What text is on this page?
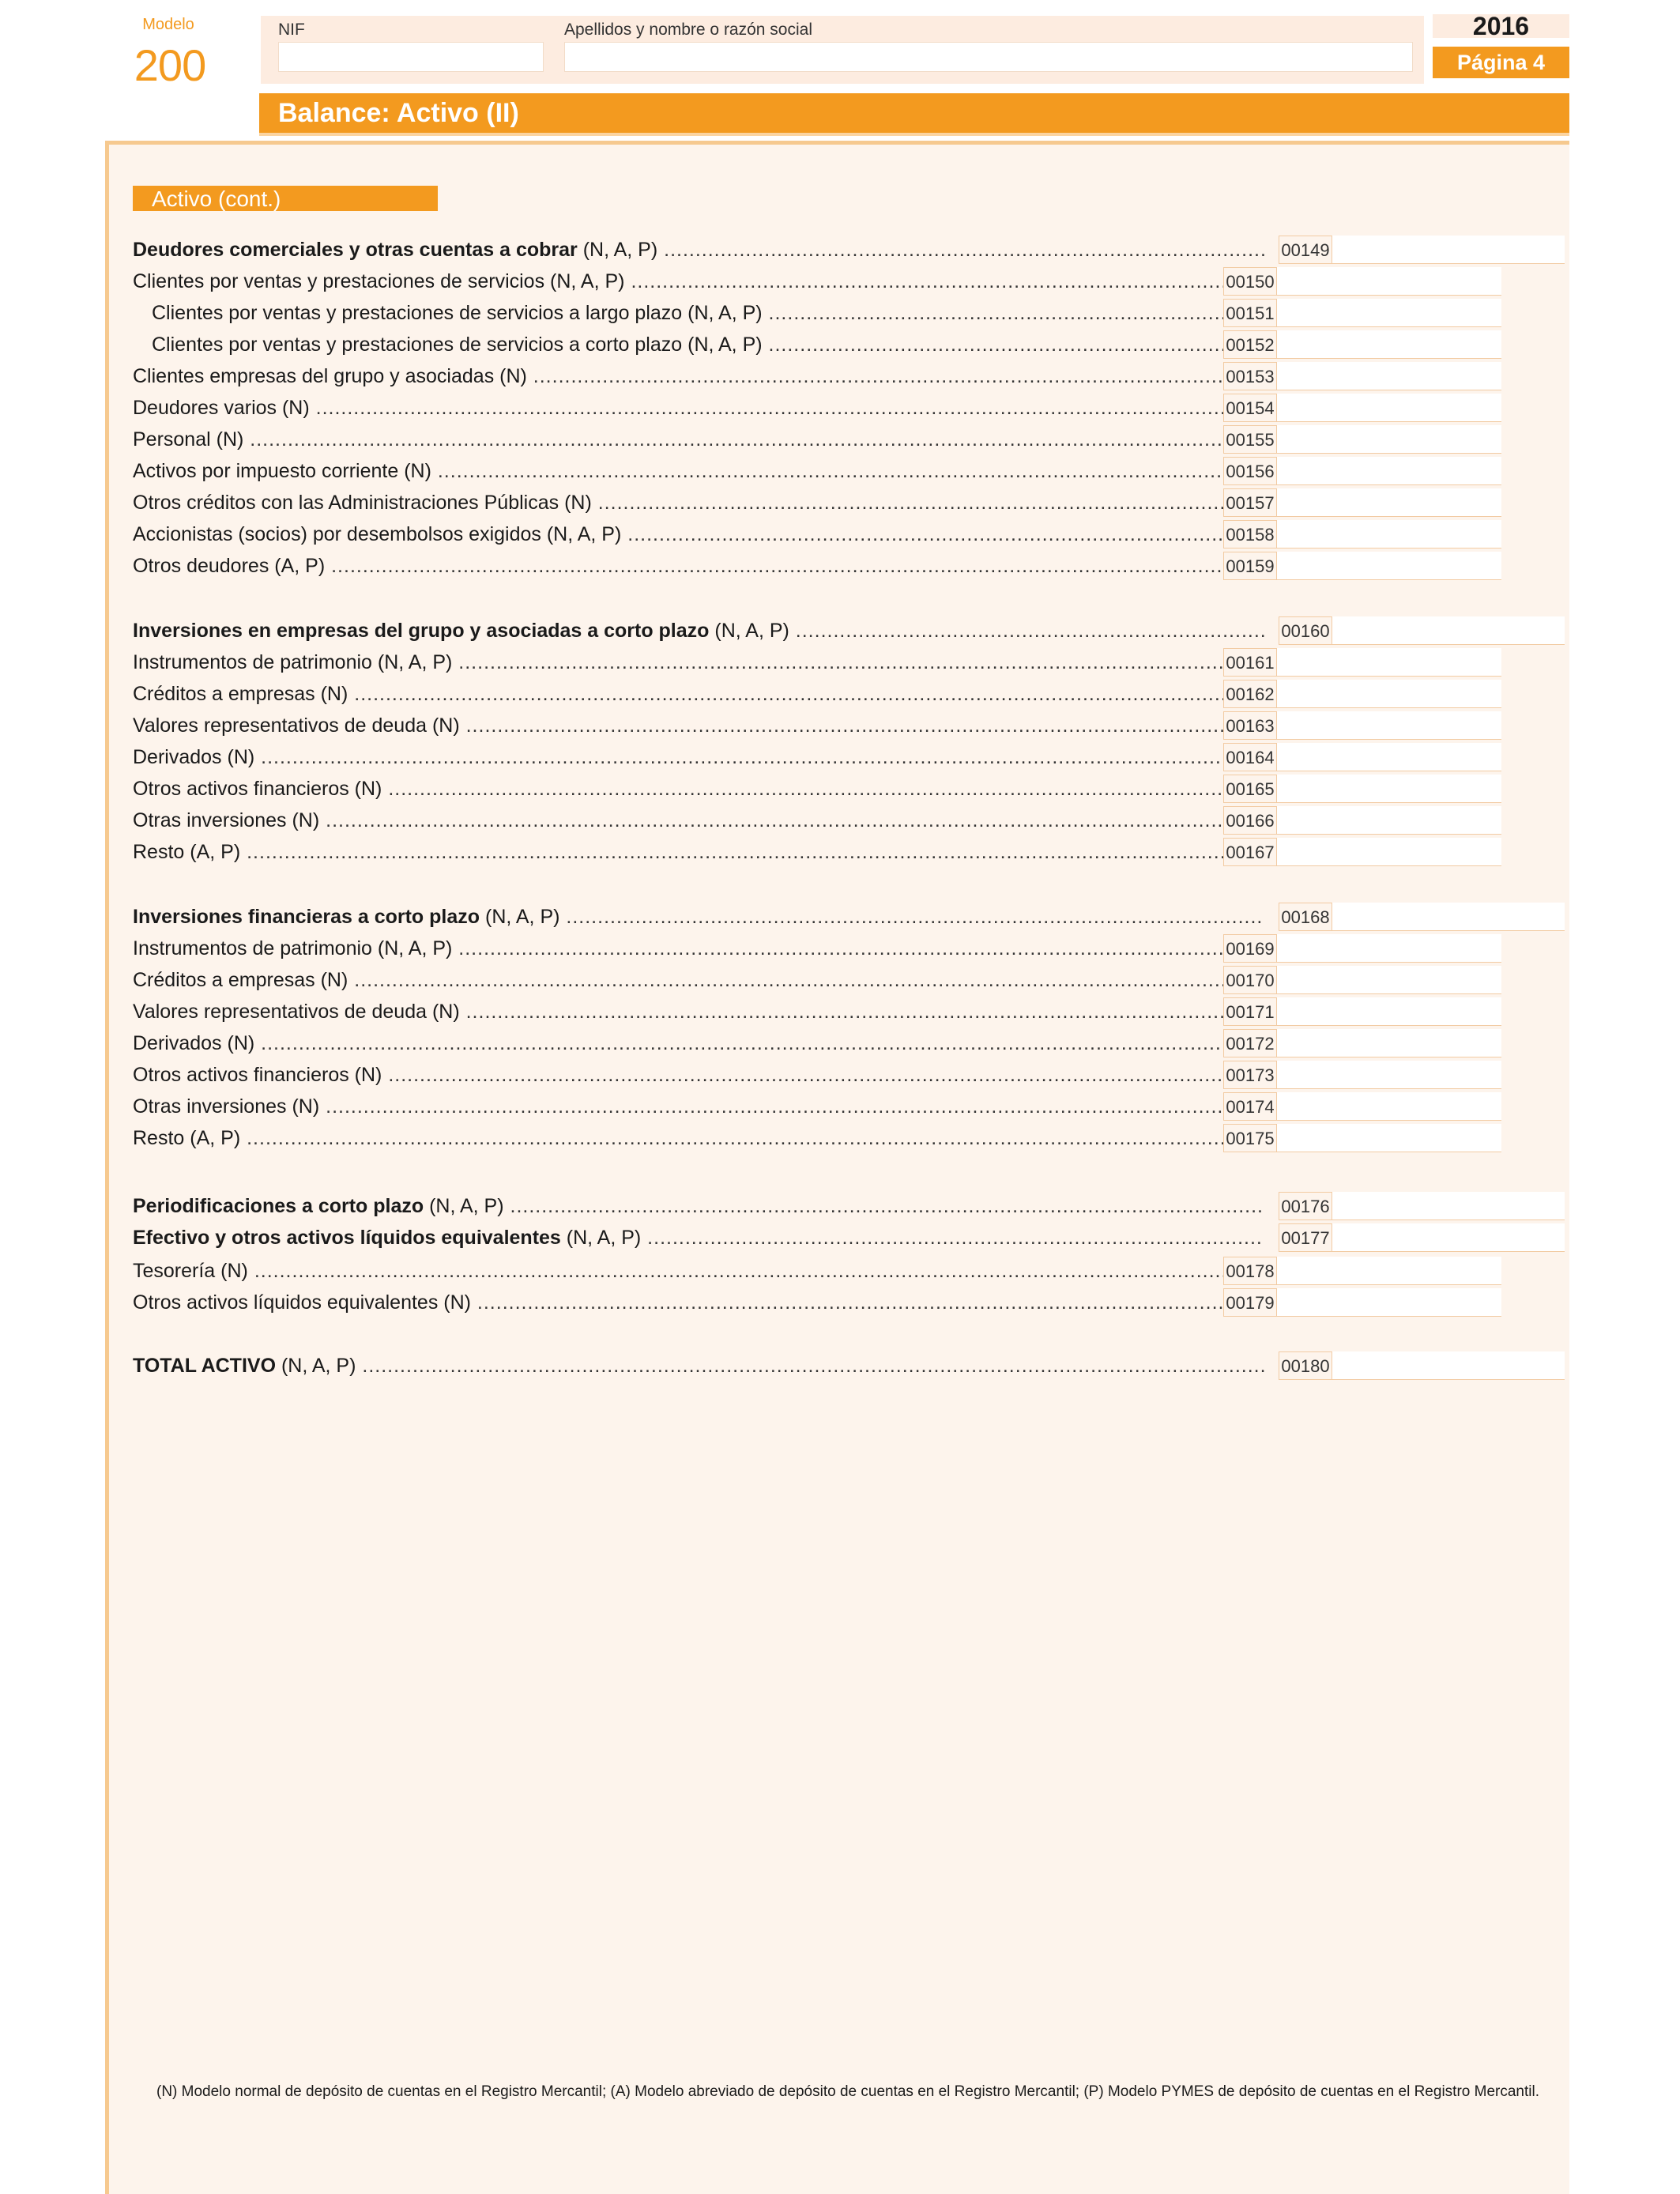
Modelo
200
NIF	Apellidos y nombre o razón social	2016
Página 4
Balance: Activo (II)
Activo (cont.)
Deudores comerciales y otras cuentas a cobrar (N, A, P) .....	00149
Clientes por ventas y prestaciones de servicios (N, A, P) .....	00150
Clientes por ventas y prestaciones de servicios a largo plazo (N, A, P) .....	00151
Clientes por ventas y prestaciones de servicios a corto plazo (N, A, P) .....	00152
Clientes empresas del grupo y asociadas (N) .....	00153
Deudores varios (N) .....	00154
Personal (N) .....	00155
Activos por impuesto corriente (N) .....	00156
Otros créditos con las Administraciones Públicas (N) .....	00157
Accionistas (socios) por desembolsos exigidos (N, A, P) .....	00158
Otros deudores (A, P) .....	00159
Inversiones en empresas del grupo y asociadas a corto plazo (N, A, P) .....	00160
Instrumentos de patrimonio (N, A, P) .....	00161
Créditos a empresas (N) .....	00162
Valores representativos de deuda (N) .....	00163
Derivados (N) .....	00164
Otros activos financieros (N) .....	00165
Otras inversiones (N) .....	00166
Resto (A, P) .....	00167
Inversiones financieras a corto plazo (N, A, P) .....	00168
Instrumentos de patrimonio (N, A, P) .....	00169
Créditos a empresas (N) .....	00170
Valores representativos de deuda (N) .....	00171
Derivados (N) .....	00172
Otros activos financieros (N) .....	00173
Otras inversiones (N) .....	00174
Resto (A, P) .....	00175
Periodificaciones a corto plazo (N, A, P) .....	00176
Efectivo y otros activos líquidos equivalentes (N, A, P) .....	00177
Tesorería (N) .....	00178
Otros activos líquidos equivalentes (N) .....	00179
TOTAL ACTIVO (N, A, P) .....	00180
(N) Modelo normal de depósito de cuentas en el Registro Mercantil; (A) Modelo abreviado de depósito de cuentas en el Registro Mercantil; (P) Modelo PYMES de depósito de cuentas en el Registro Mercantil.
